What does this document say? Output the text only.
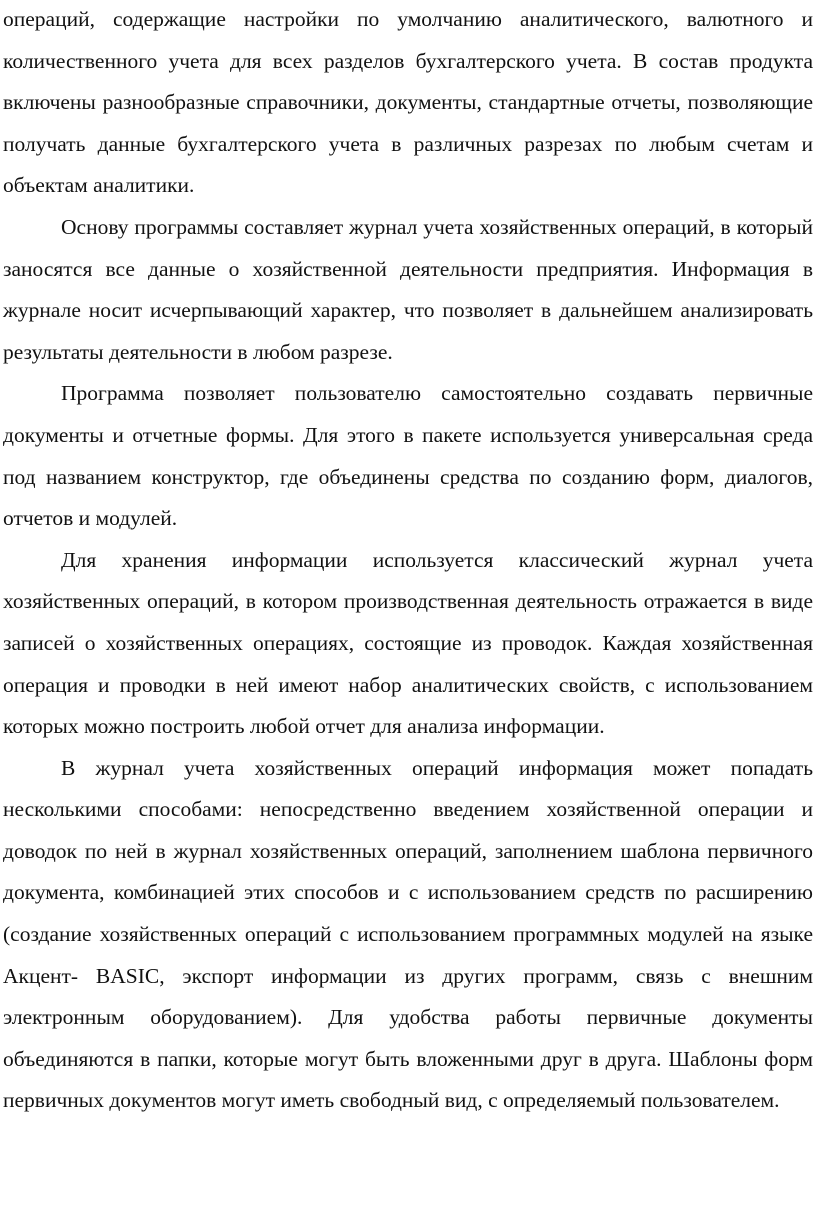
операций, содержащие настройки по умолчанию аналитического, валютного и количественного учета для всех разделов бухгалтерского учета. В состав продукта включены разнообразные справочники, документы, стандартные отчеты, позволяющие получать данные бухгалтерского учета в различных разрезах по любым счетам и объектам аналитики.

Основу программы составляет журнал учета хозяйственных операций, в который заносятся все данные о хозяйственной деятельности предприятия. Информация в журнале носит исчерпывающий характер, что позволяет в дальнейшем анализировать результаты деятельности в любом разрезе.

Программа позволяет пользователю самостоятельно создавать первичные документы и отчетные формы. Для этого в пакете используется универсальная среда под названием конструктор, где объединены средства по созданию форм, диалогов, отчетов и модулей.

Для хранения информации используется классический журнал учета хозяйственных операций, в котором производственная деятельность отражается в виде записей о хозяйственных операциях, состоящие из проводок. Каждая хозяйственная операция и проводки в ней имеют набор аналитических свойств, с использованием которых можно построить любой отчет для анализа информации.

В журнал учета хозяйственных операций информация может попадать несколькими способами: непосредственно введением хозяйственной операции и доводок по ней в журнал хозяйственных операций, заполнением шаблона первичного документа, комбинацией этих способов и с использованием средств по расширению (создание хозяйственных операций с использованием программных модулей на языке Акцент- BASIC, экспорт информации из других программ, связь с внешним электронным оборудованием). Для удобства работы первичные документы объединяются в папки, которые могут быть вложенными друг в друга. Шаблоны форм первичных документов могут иметь свободный вид, с определяемый пользователем.
